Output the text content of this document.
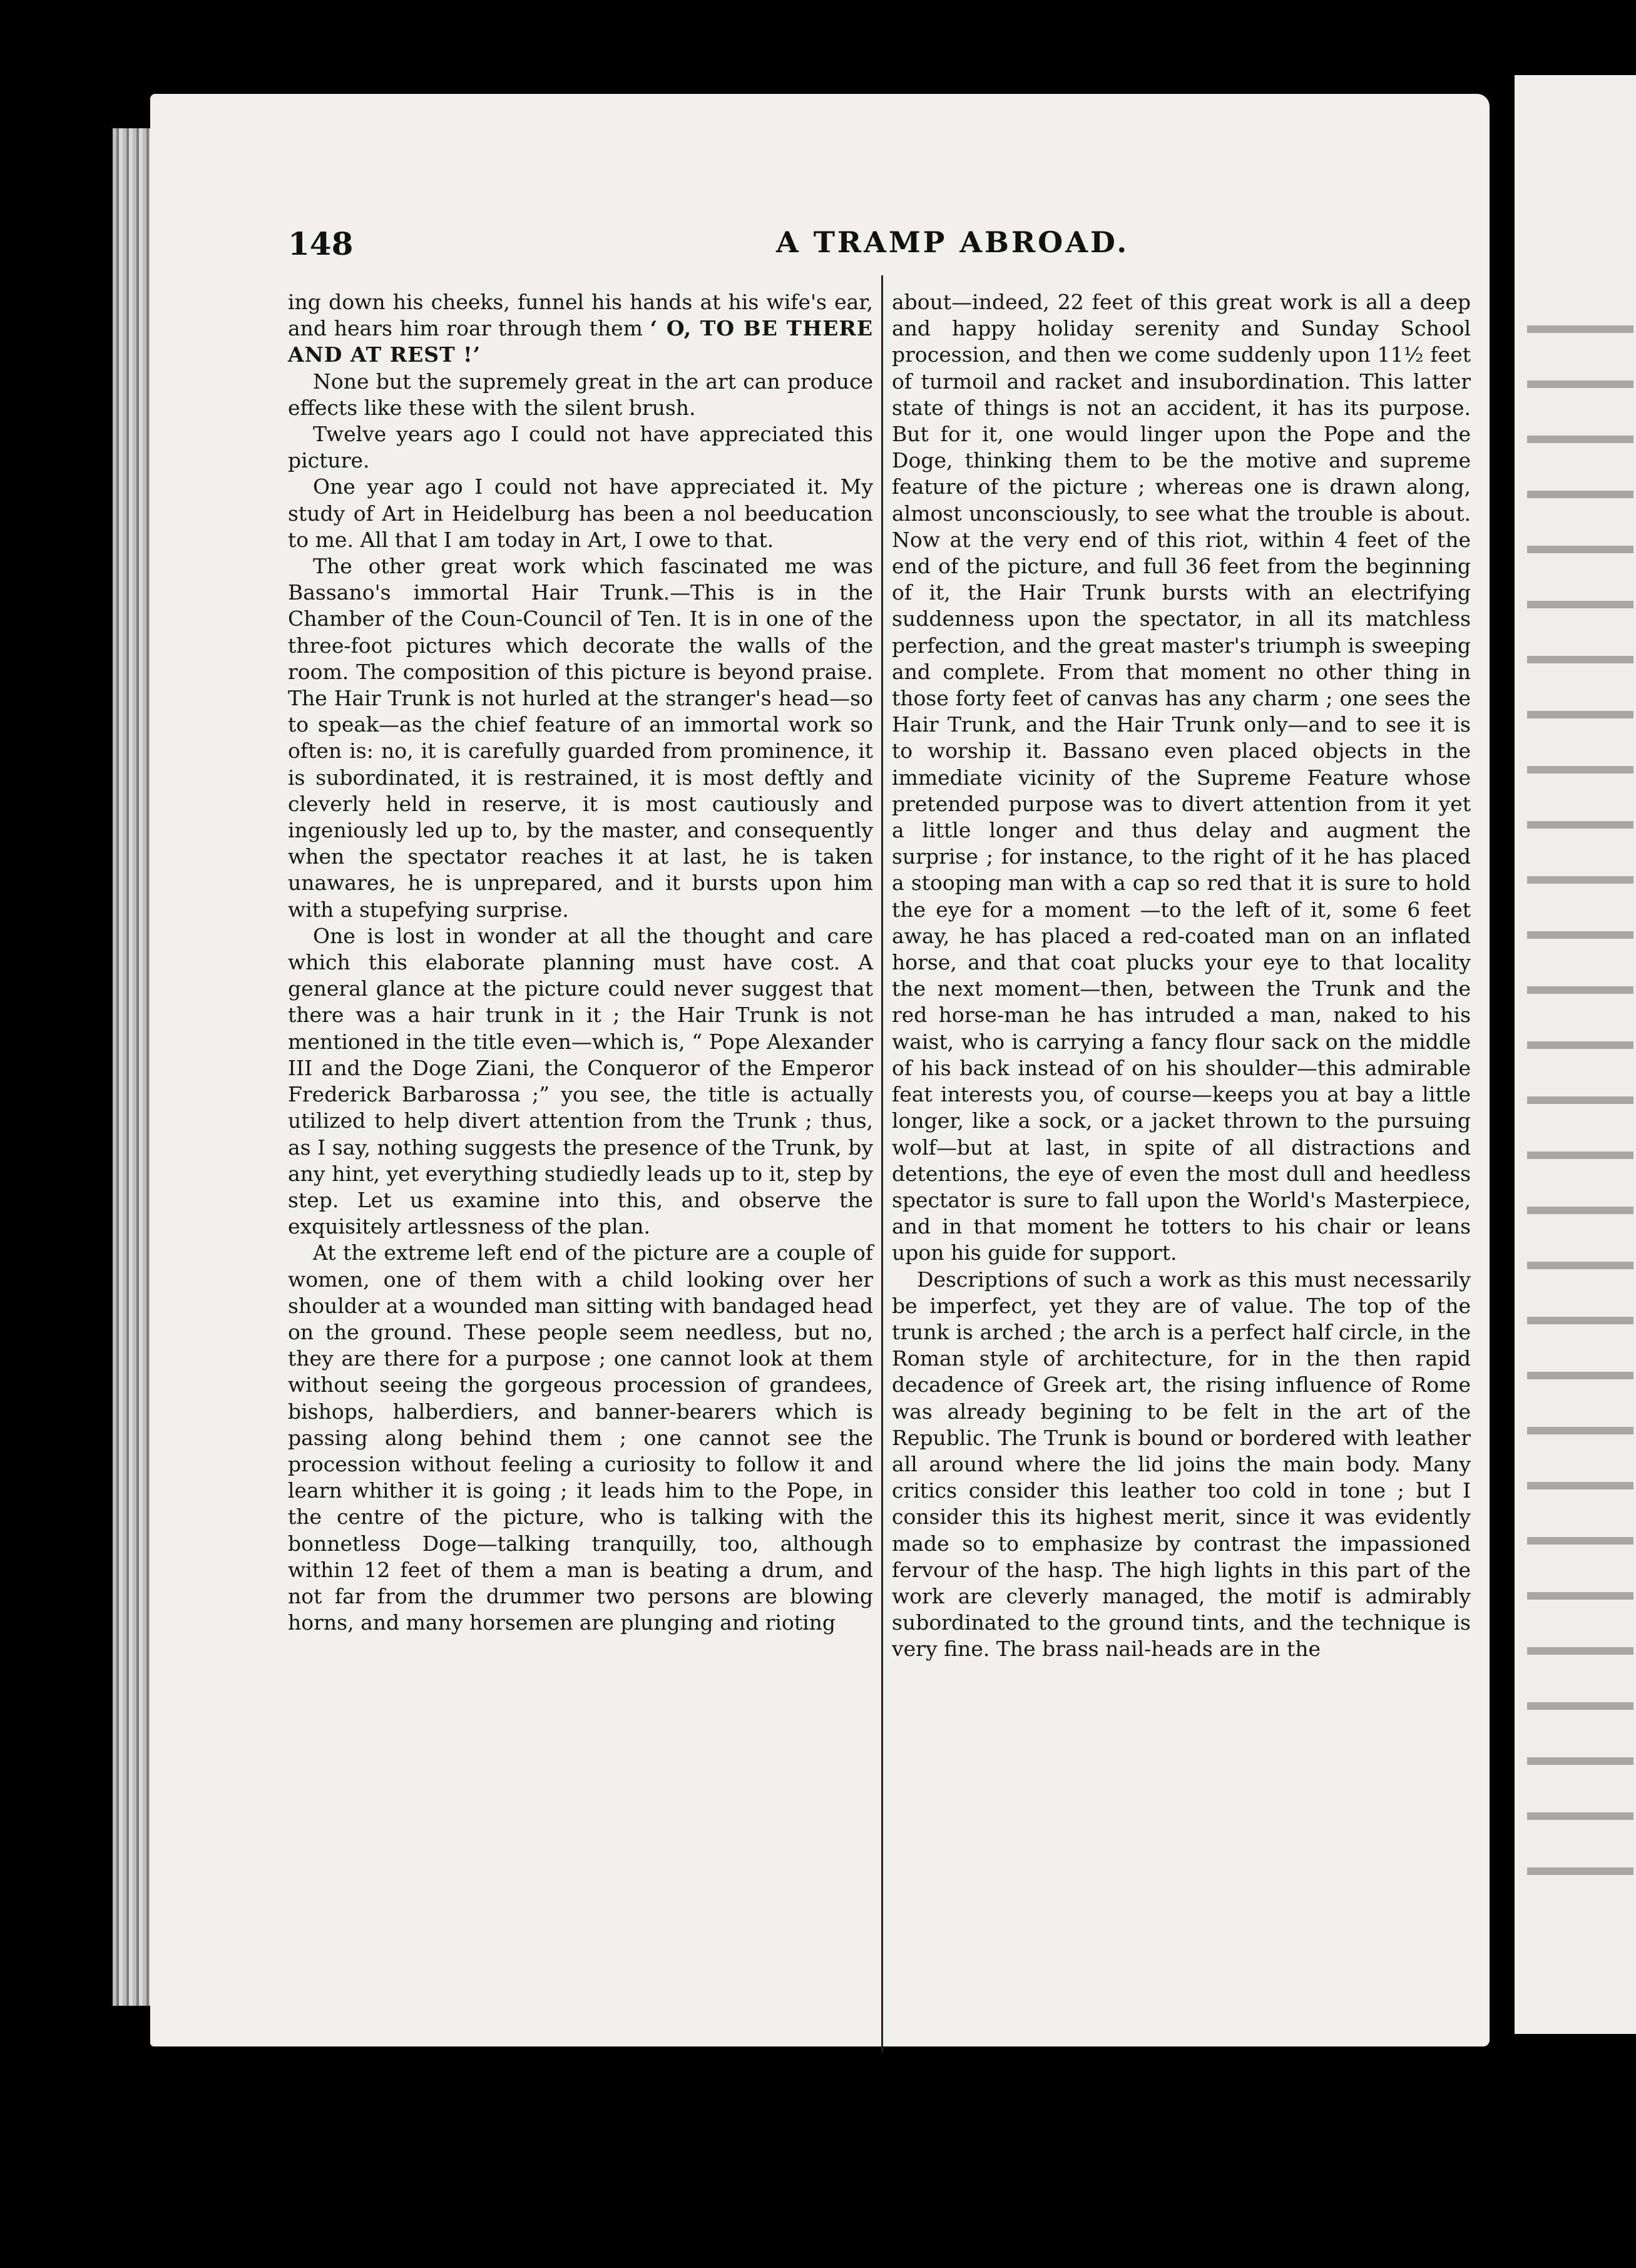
148	A TRAMP ABROAD.

ing down his cheeks, funnel his hands at his wife's ear, and hears him roar through them ‘ O, TO BE THERE AND AT REST !’

None but the supremely great in the art can produce effects like these with the silent brush.

Twelve years ago I could not have appreciated this picture.

One year ago I could not have appreciated it. My study of Art in Heidelburg has been a nol beeducation to me. All that I am today in Art, I owe to that.

The other great work which fascinated me was Bassano's immortal Hair Trunk.—This is in the Chamber of the Coun-Council of Ten. It is in one of the three-foot pictures which decorate the walls of the room. The composition of this picture is beyond praise. The Hair Trunk is not hurled at the stranger's head—so to speak—as the chief feature of an immortal work so often is: no, it is carefully guarded from prominence, it is subordinated, it is restrained, it is most deftly and cleverly held in reserve, it is most cautiously and ingeniously led up to, by the master, and consequently when the spectator reaches it at last, he is taken unawares, he is unprepared, and it bursts upon him with a stupefying surprise.

One is lost in wonder at all the thought and care which this elaborate planning must have cost. A general glance at the picture could never suggest that there was a hair trunk in it ; the Hair Trunk is not mentioned in the title even—which is, “ Pope Alexander III and the Doge Ziani, the Conqueror of the Emperor Frederick Barbarossa ;” you see, the title is actually utilized to help divert attention from the Trunk ; thus, as I say, nothing suggests the presence of the Trunk, by any hint, yet everything studiedly leads up to it, step by step. Let us examine into this, and observe the exquisitely artlessness of the plan.

At the extreme left end of the picture are a couple of women, one of them with a child looking over her shoulder at a wounded man sitting with bandaged head on the ground. These people seem needless, but no, they are there for a purpose ; one cannot look at them without seeing the gorgeous procession of grandees, bishops, halberdiers, and banner-bearers which is passing along behind them ; one cannot see the procession without feeling a curiosity to follow it and learn whither it is going ; it leads him to the Pope, in the centre of the picture, who is talking with the bonnetless Doge—talking tranquilly, too, although within 12 feet of them a man is beating a drum, and not far from the drummer two persons are blowing horns, and many horsemen are plunging and rioting

about—indeed, 22 feet of this great work is all a deep and happy holiday serenity and Sunday School procession, and then we come suddenly upon 11½ feet of turmoil and racket and insubordination. This latter state of things is not an accident, it has its purpose. But for it, one would linger upon the Pope and the Doge, thinking them to be the motive and supreme feature of the picture ; whereas one is drawn along, almost unconsciously, to see what the trouble is about. Now at the very end of this riot, within 4 feet of the end of the picture, and full 36 feet from the beginning of it, the Hair Trunk bursts with an electrifying suddenness upon the spectator, in all its matchless perfection, and the great master's triumph is sweeping and complete. From that moment no other thing in those forty feet of canvas has any charm ; one sees the Hair Trunk, and the Hair Trunk only—and to see it is to worship it. Bassano even placed objects in the immediate vicinity of the Supreme Feature whose pretended purpose was to divert attention from it yet a little longer and thus delay and augment the surprise ; for instance, to the right of it he has placed a stooping man with a cap so red that it is sure to hold the eye for a moment —to the left of it, some 6 feet away, he has placed a red-coated man on an inflated horse, and that coat plucks your eye to that locality the next moment—then, between the Trunk and the red horse-man he has intruded a man, naked to his waist, who is carrying a fancy flour sack on the middle of his back instead of on his shoulder—this admirable feat interests you, of course—keeps you at bay a little longer, like a sock, or a jacket thrown to the pursuing wolf—but at last, in spite of all distractions and detentions, the eye of even the most dull and heedless spectator is sure to fall upon the World's Masterpiece, and in that moment he totters to his chair or leans upon his guide for support.

Descriptions of such a work as this must necessarily be imperfect, yet they are of value. The top of the trunk is arched ; the arch is a perfect half circle, in the Roman style of architecture, for in the then rapid decadence of Greek art, the rising influence of Rome was already begining to be felt in the art of the Republic. The Trunk is bound or bordered with leather all around where the lid joins the main body. Many critics consider this leather too cold in tone ; but I consider this its highest merit, since it was evidently made so to emphasize by contrast the impassioned fervour of the hasp. The high lights in this part of the work are cleverly managed, the motif is admirably subordinated to the ground tints, and the technique is very fine. The brass nail-heads are in the
